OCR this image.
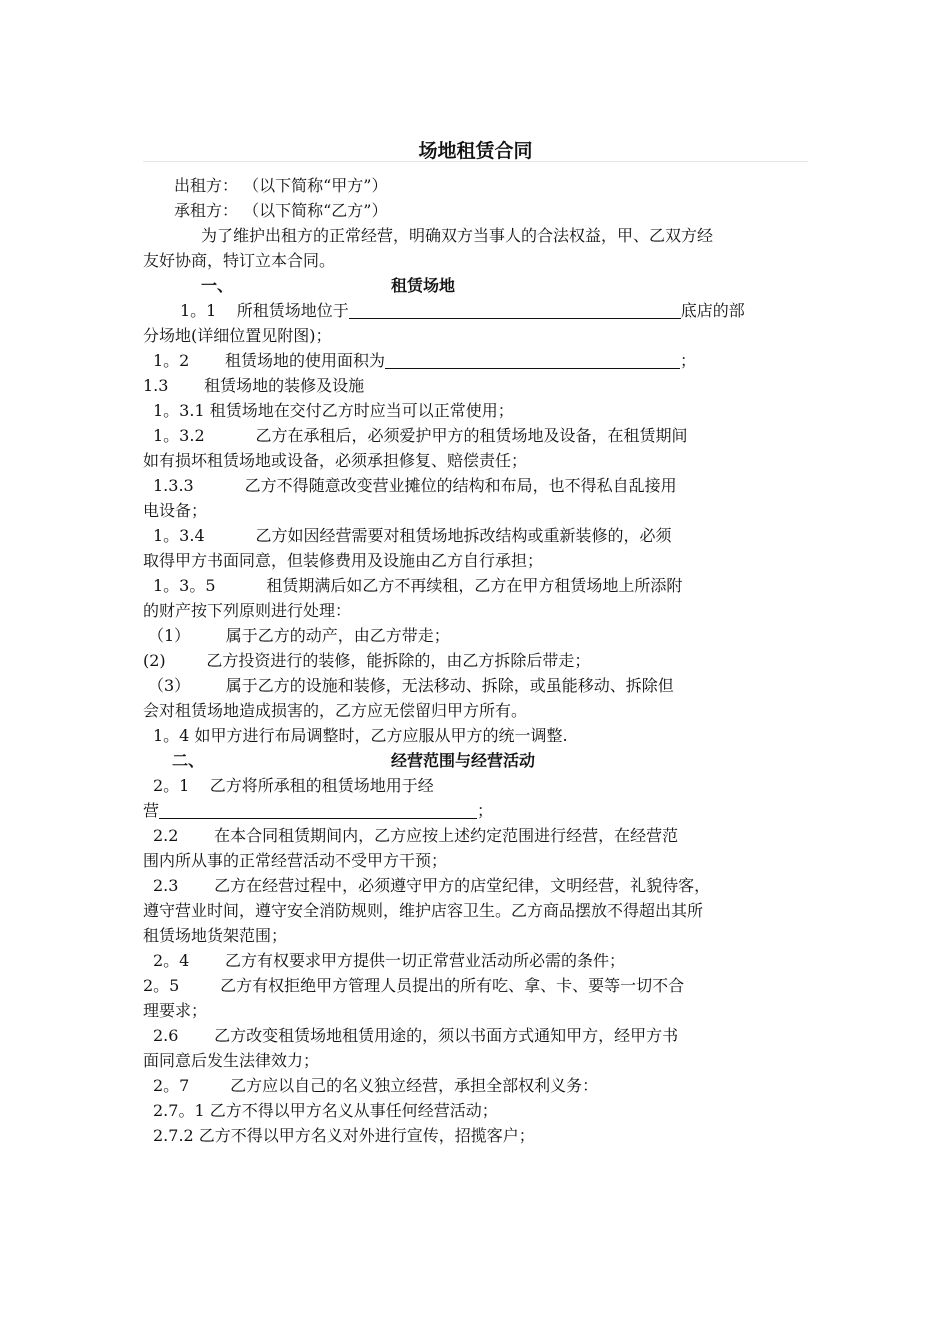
场地租赁合同
出租方： （以下简称“甲方”）
承租方： （以下简称“乙方”）
为了维护出租方的正常经营，明确双方当事人的合法权益，甲、乙双方经
友好协商，特订立本合同。
一、	租赁场地
1。1 所租赁场地位于	底店的部
分场地(详细位置见附图)；
1。2 租赁场地的使用面积为	；
1.3 租赁场地的装修及设施
1。3.1 租赁场地在交付乙方时应当可以正常使用；
1。3.2	乙方在承租后，必须爱护甲方的租赁场地及设备，在租赁期间
如有损坏租赁场地或设备，必须承担修复、赔偿责任；
1.3.3	乙方不得随意改变营业摊位的结构和布局，也不得私自乱接用
电设备；
1。3.4	乙方如因经营需要对租赁场地拆改结构或重新装修的，必须
取得甲方书面同意，但装修费用及设施由乙方自行承担；
1。3。5	租赁期满后如乙方不再续租，乙方在甲方租赁场地上所添附
的财产按下列原则进行处理：
（1） 属于乙方的动产，由乙方带走；
(2)	乙方投资进行的装修，能拆除的，由乙方拆除后带走；
（3） 属于乙方的设施和装修，无法移动、拆除，或虽能移动、拆除但
会对租赁场地造成损害的，乙方应无偿留归甲方所有。
1。4 如甲方进行布局调整时，乙方应服从甲方的统一调整.
二、	经营范围与经营活动
2。1 乙方将所承租的租赁场地用于经
营	；
2.2 在本合同租赁期间内，乙方应按上述约定范围进行经营，在经营范
围内所从事的正常经营活动不受甲方干预；
2.3 乙方在经营过程中，必须遵守甲方的店堂纪律，文明经营，礼貌待客，
遵守营业时间，遵守安全消防规则，维护店容卫生。乙方商品摆放不得超出其所
租赁场地货架范围；
2。4 乙方有权要求甲方提供一切正常营业活动所必需的条件；
2。5	乙方有权拒绝甲方管理人员提出的所有吃、拿、卡、要等一切不合
理要求；
2.6 乙方改变租赁场地租赁用途的，须以书面方式通知甲方，经甲方书
面同意后发生法律效力；
2。7	乙方应以自己的名义独立经营，承担全部权利义务：
2.7。1 乙方不得以甲方名义从事任何经营活动；
2.7.2 乙方不得以甲方名义对外进行宣传，招揽客户；
